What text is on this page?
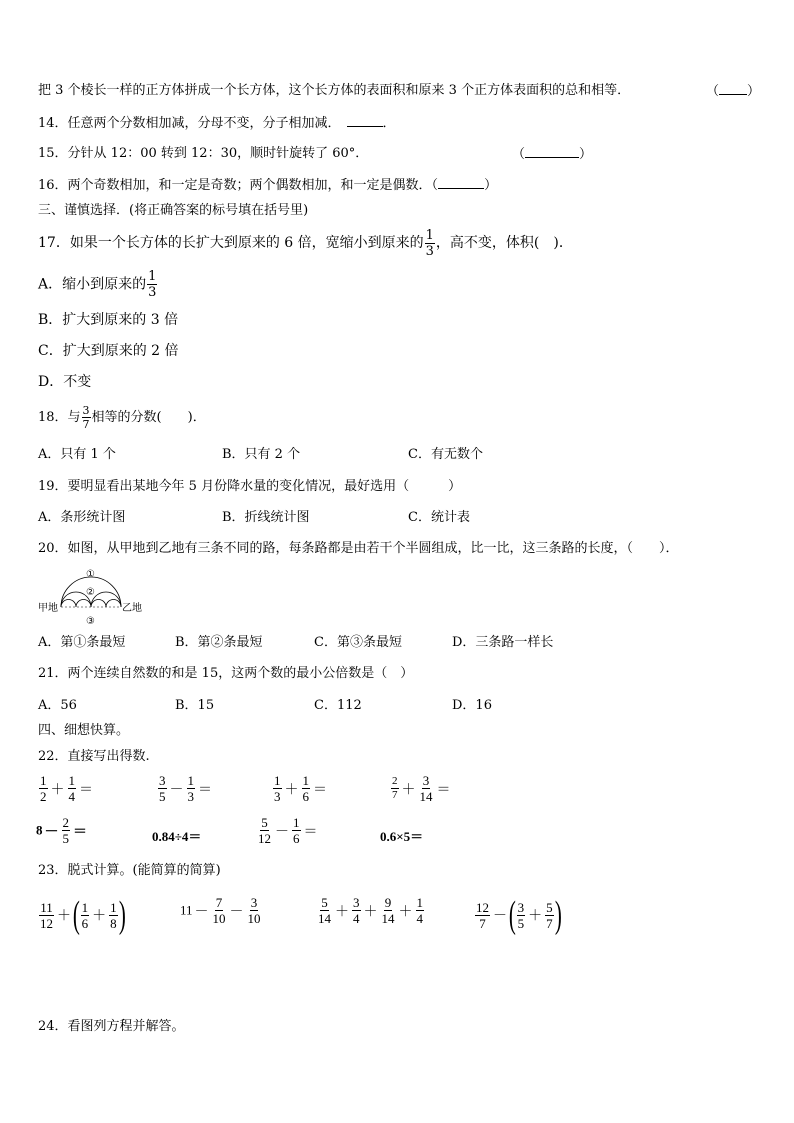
把 3 个棱长一样的正方体拼成一个长方体，这个长方体的表面积和原来 3 个正方体表面积的总和相等．	（ ）
14．任意两个分数相加减，分母不变，分子相加减．	．
15．分针从 12：00 转到 12：30，顺时针旋转了 60°．	（	）
16．两个奇数相加，和一定是奇数；两个偶数相加，和一定是偶数．（	）
三、谨慎选择．(将正确答案的标号填在括号里)
17．如果一个长方体的长扩大到原来的 6 倍，宽缩小到原来的 $\frac{1}{3}$ ，高不变，体积(　)．
A．缩小到原来的 $\frac{1}{3}$
B．扩大到原来的 3 倍
C．扩大到原来的 2 倍
D．不变
18．与 $\frac{3}{7}$ 相等的分数(　　)．
A．只有 1 个	B．只有 2 个	C．有无数个
19．要明显看出某地今年 5 月份降水量的变化情况，最好选用（　　　）
A．条形统计图	B．折线统计图	C．统计表
20．如图，从甲地到乙地有三条不同的路，每条路都是由若干个半圆组成，比一比，这三条路的长度，（　　）．
甲地	乙地
①
②
③
A．第①条最短	B．第②条最短	C．第③条最短	D．三条路一样长
21．两个连续自然数的和是 15，这两个数的最小公倍数是（　）
A．56	B．15	C．112	D．16
四、细想快算。
22．直接写出得数.
$\frac{1}{2} + \frac{1}{4}$ ＝	$\frac{3}{5} - \frac{1}{3}$ ＝	$\frac{1}{3} + \frac{1}{6}$ ＝	$\frac{2}{7} + \frac{3}{14}$ ＝
$8 - \frac{2}{5}$ ＝	0.84÷4＝	$\frac{5}{12} - \frac{1}{6}$ ＝	0.6×5＝
23．脱式计算。(能简算的简算)
$\frac{11}{12}$ ＋( $\frac{1}{6} + \frac{1}{8}$ )	$11 - \frac{7}{10} - \frac{3}{10}$	$\frac{5}{14} + \frac{3}{4} + \frac{9}{14} + \frac{1}{4}$	$\frac{12}{7}$ －( $\frac{3}{5} + \frac{5}{7}$ )
24．看图列方程并解答。
